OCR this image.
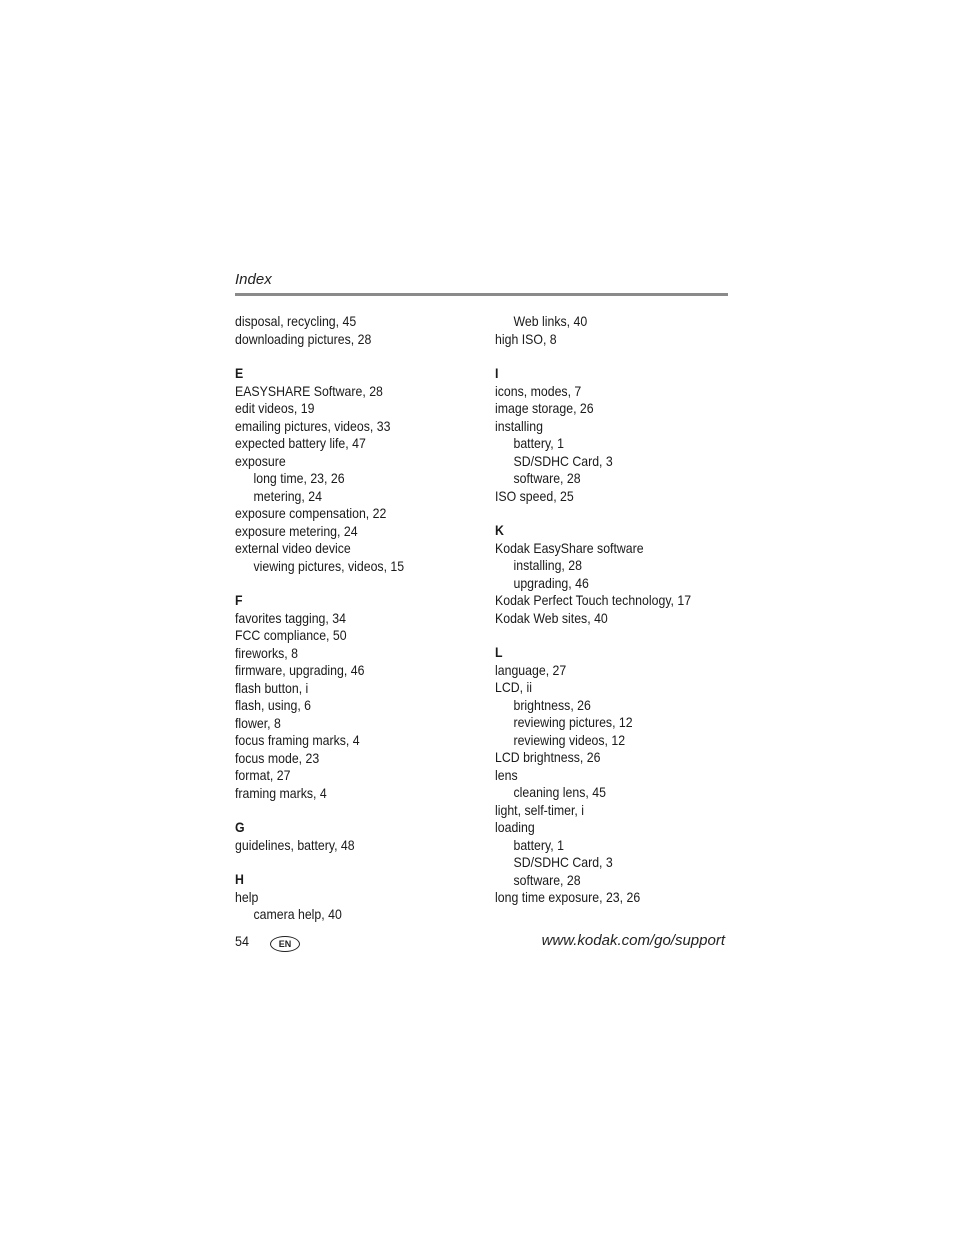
Index
disposal, recycling, 45
downloading pictures, 28
E
EASYSHARE Software, 28
edit videos, 19
emailing pictures, videos, 33
expected battery life, 47
exposure
long time, 23, 26
metering, 24
exposure compensation, 22
exposure metering, 24
external video device
viewing pictures, videos, 15
F
favorites tagging, 34
FCC compliance, 50
fireworks, 8
firmware, upgrading, 46
flash button, i
flash, using, 6
flower, 8
focus framing marks, 4
focus mode, 23
format, 27
framing marks, 4
G
guidelines, battery, 48
H
help
camera help, 40
Web links, 40
high ISO, 8
I
icons, modes, 7
image storage, 26
installing
battery, 1
SD/SDHC Card, 3
software, 28
ISO speed, 25
K
Kodak EasyShare software
installing, 28
upgrading, 46
Kodak Perfect Touch technology, 17
Kodak Web sites, 40
L
language, 27
LCD, ii
brightness, 26
reviewing pictures, 12
reviewing videos, 12
LCD brightness, 26
lens
cleaning lens, 45
light, self-timer, i
loading
battery, 1
SD/SDHC Card, 3
software, 28
long time exposure, 23, 26
54	EN	www.kodak.com/go/support
